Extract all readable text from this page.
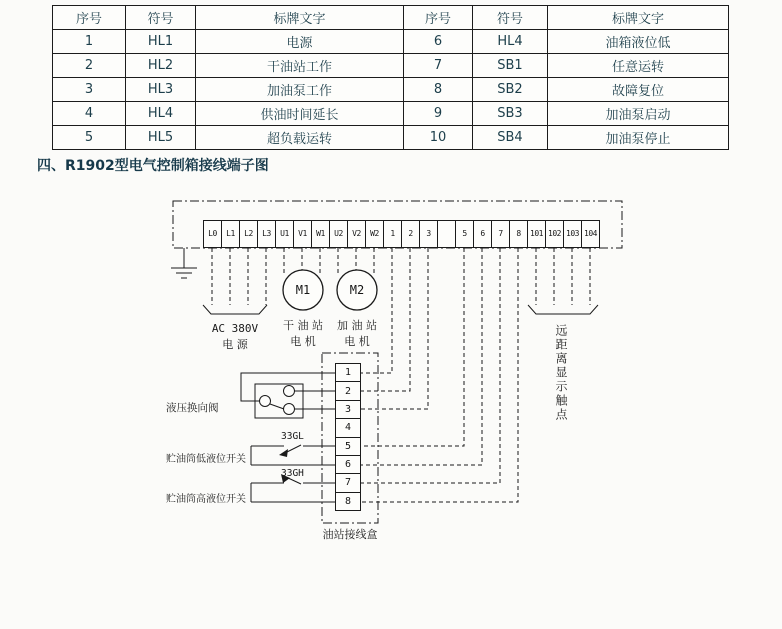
序号	符号	标牌文字	序号	符号	标牌文字
1	HL1	电源	6	HL4	油箱液位低
2	HL2	干油站工作	7	SB1	任意运转
3	HL3	加油泵工作	8	SB2	故障复位
4	HL4	供油时间延长	9	SB3	加油泵启动
5	HL5	超负载运转	10	SB4	加油泵停止
四、R1902型电气控制箱接线端子图
L0	L1	L2	L3	U1	V1	W1	U2	V2	W2	1	2	3	5	6	7	8	101 102 103 104
1
2
3
4
5
6
7
8
M1	M2
AC 380V
电 源
干 油 站
电 机
加 油 站
电 机	远距离显示触点
液压换向阀
33GL
贮油筒低液位开关
33GH
贮油筒高液位开关
油站接线盒
